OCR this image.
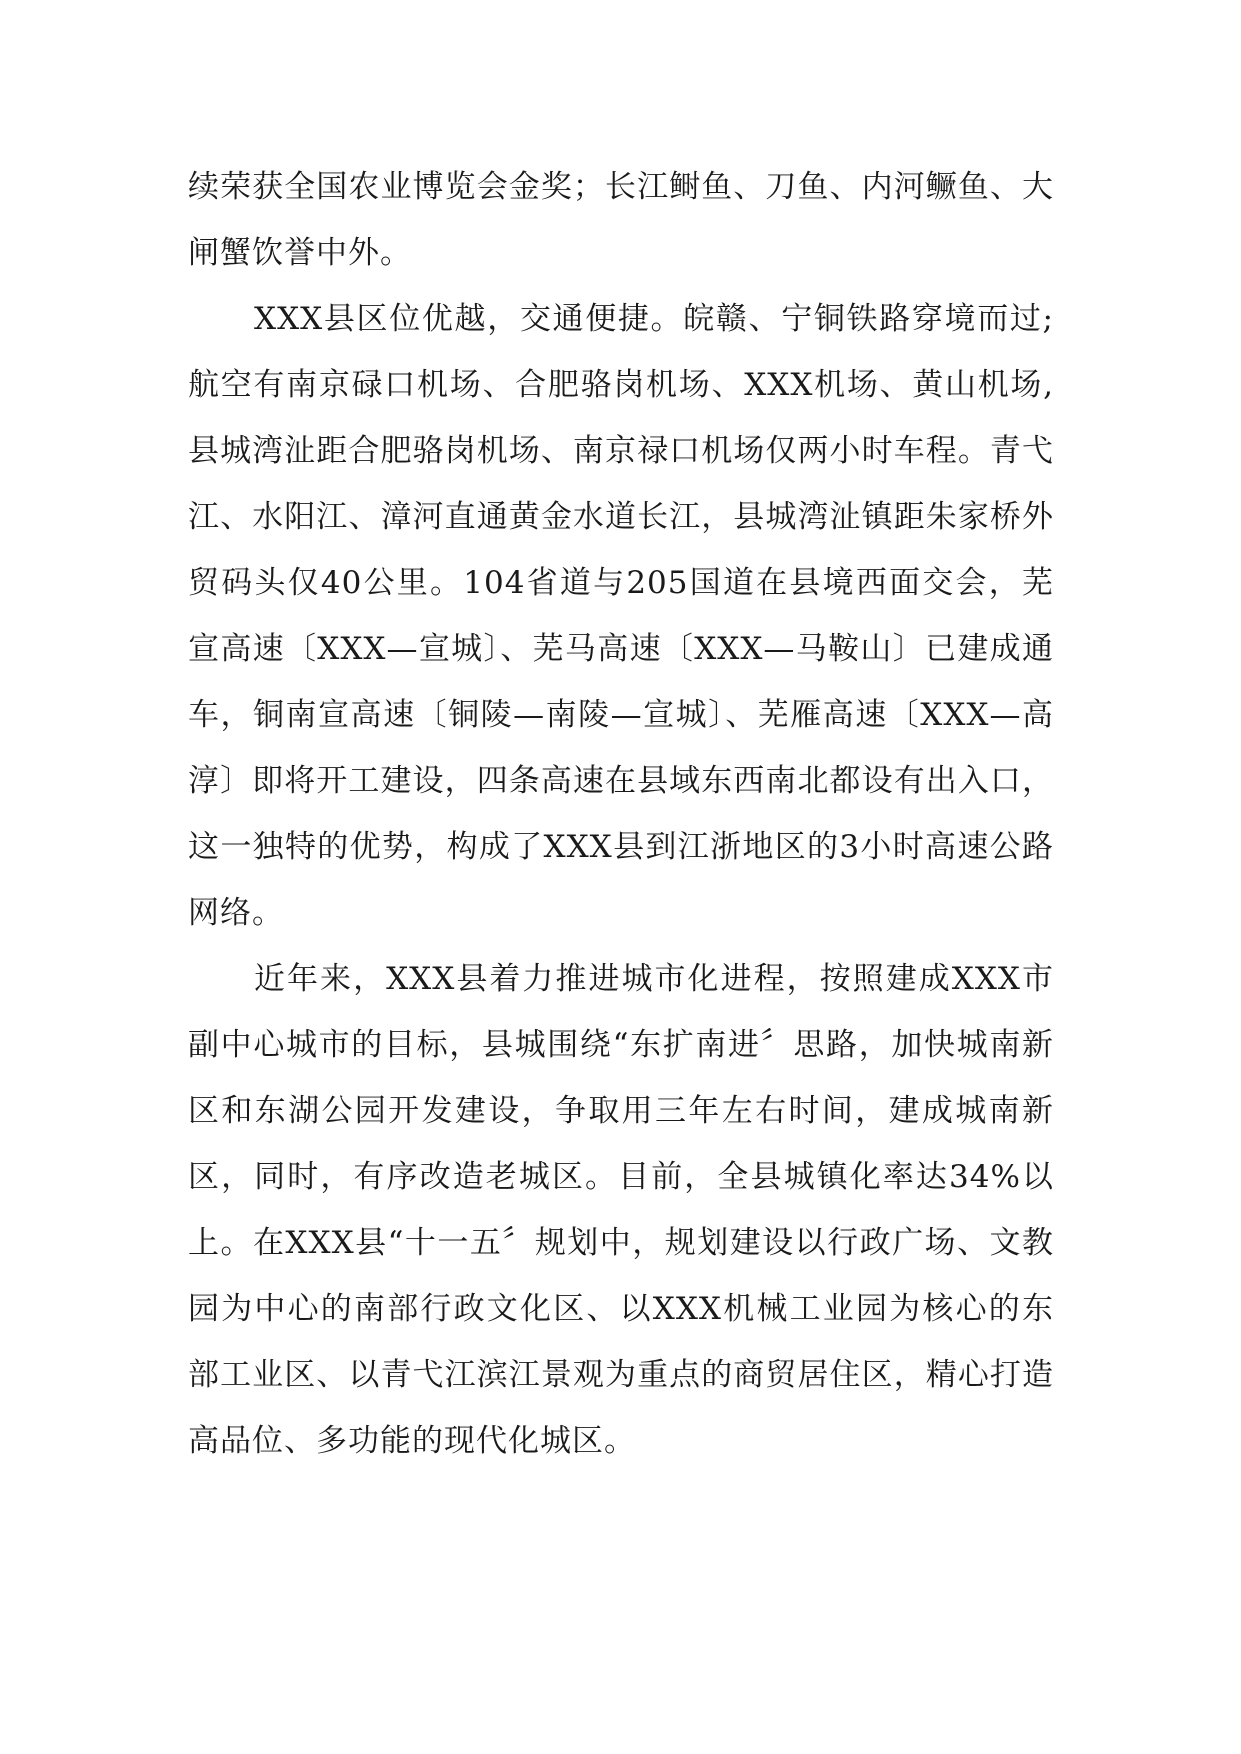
续荣获全国农业博览会金奖；长江鲥鱼、刀鱼、内河鳜鱼、大闸蟹饮誉中外。

XXX县区位优越，交通便捷。皖赣、宁铜铁路穿境而过;航空有南京碌口机场、合肥骆岗机场、XXX机场、黄山机场,县城湾沚距合肥骆岗机场、南京禄口机场仅两小时车程。青弋江、水阳江、漳河直通黄金水道长江，县城湾沚镇距朱家桥外贸码头仅40公里。104省道与205国道在县境西面交会，芜宣高速〔XXX—宣城〕、芜马高速〔XXX—马鞍山〕已建成通车，铜南宣高速〔铜陵—南陵—宣城〕、芜雁高速〔XXX—高淳〕即将开工建设，四条高速在县域东西南北都设有出入口，这一独特的优势，构成了XXX县到江浙地区的3小时高速公路网络。

近年来，XXX县着力推进城市化进程，按照建成XXX市副中心城市的目标，县城围绕“东扩南进〞思路，加快城南新区和东湖公园开发建设，争取用三年左右时间，建成城南新区，同时，有序改造老城区。目前，全县城镇化率达34%以上。在XXX县“十一五〞规划中，规划建设以行政广场、文教园为中心的南部行政文化区、以XXX机械工业园为核心的东部工业区、以青弋江滨江景观为重点的商贸居住区，精心打造高品位、多功能的现代化城区。
